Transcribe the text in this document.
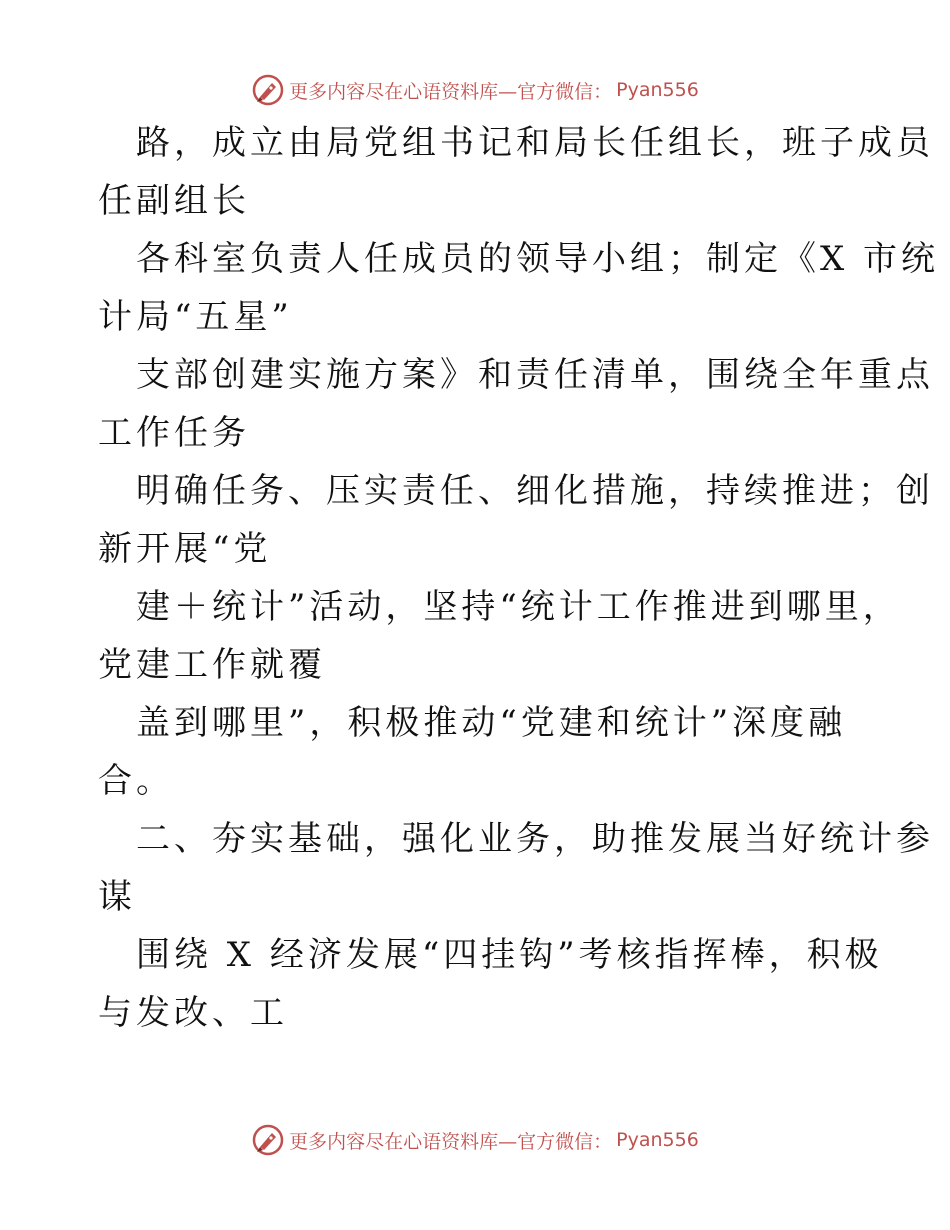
更多内容尽在心语资料库—官方微信： Pyan556
路，成立由局党组书记和局长任组长，班子成员
任副组长
各科室负责人任成员的领导小组；制定《X 市统
计局“五星”
支部创建实施方案》和责任清单，围绕全年重点
工作任务
明确任务、压实责任、细化措施，持续推进；创
新开展“党
建＋统计”活动，坚持“统计工作推进到哪里，
党建工作就覆
盖到哪里”，积极推动“党建和统计”深度融
合。
二、夯实基础，强化业务，助推发展当好统计参
谋
围绕 X 经济发展“四挂钩”考核指挥棒，积极
与发改、工
更多内容尽在心语资料库—官方微信： Pyan556
